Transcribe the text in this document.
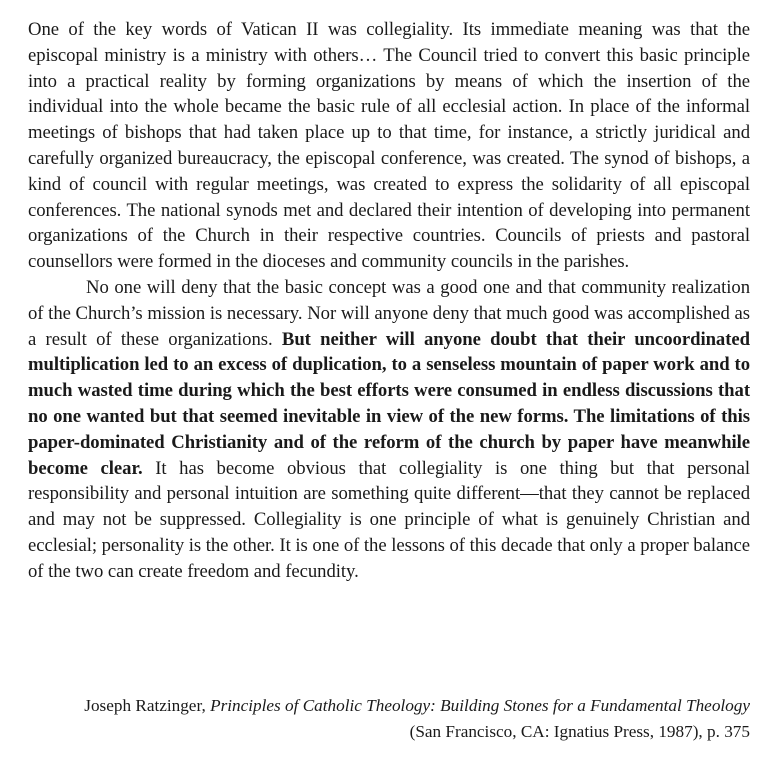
One of the key words of Vatican II was collegiality. Its immediate meaning was that the episcopal ministry is a ministry with others… The Council tried to convert this basic principle into a practical reality by forming organizations by means of which the insertion of the individual into the whole became the basic rule of all ecclesial action. In place of the informal meetings of bishops that had taken place up to that time, for instance, a strictly juridical and carefully organized bureaucracy, the episcopal conference, was created. The synod of bishops, a kind of council with regular meetings, was created to express the solidarity of all episcopal conferences. The national synods met and declared their intention of developing into permanent organizations of the Church in their respective countries. Councils of priests and pastoral counsellors were formed in the dioceses and community councils in the parishes.

No one will deny that the basic concept was a good one and that community realization of the Church’s mission is necessary. Nor will anyone deny that much good was accomplished as a result of these organizations. But neither will anyone doubt that their uncoordinated multiplication led to an excess of duplication, to a senseless mountain of paper work and to much wasted time during which the best efforts were consumed in endless discussions that no one wanted but that seemed inevitable in view of the new forms. The limitations of this paper-dominated Christianity and of the reform of the church by paper have meanwhile become clear. It has become obvious that collegiality is one thing but that personal responsibility and personal intuition are something quite different—that they cannot be replaced and may not be suppressed. Collegiality is one principle of what is genuinely Christian and ecclesial; personality is the other. It is one of the lessons of this decade that only a proper balance of the two can create freedom and fecundity.

Joseph Ratzinger, Principles of Catholic Theology: Building Stones for a Fundamental Theology
(San Francisco, CA: Ignatius Press, 1987), p. 375
